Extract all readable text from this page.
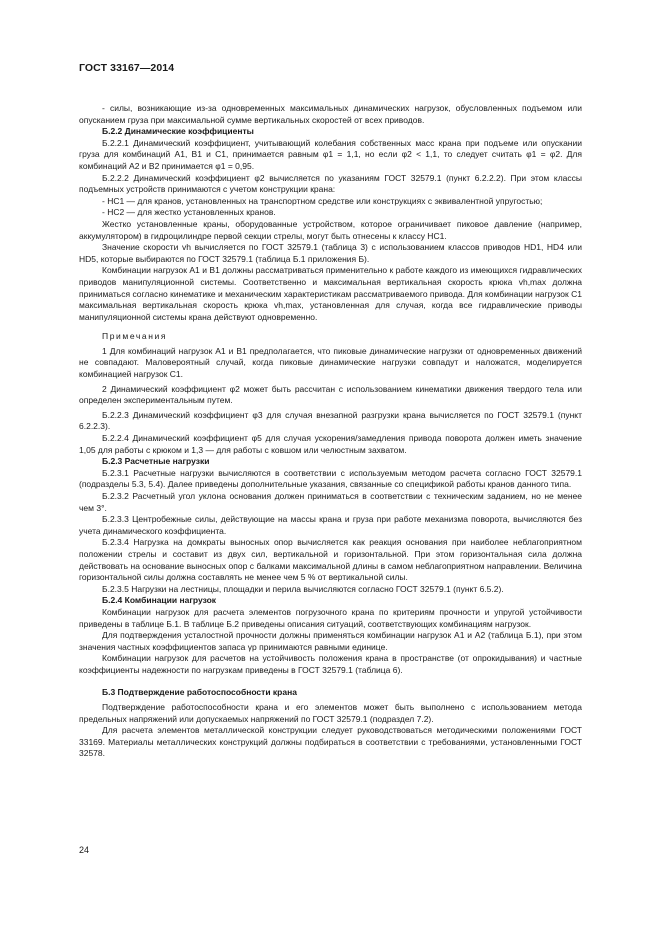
ГОСТ 33167—2014

- силы, возникающие из-за одновременных максимальных динамических нагрузок, обусловленных подъемом или опусканием груза при максимальной сумме вертикальных скоростей от всех приводов.

Б.2.2 Динамические коэффициенты

Б.2.2.1 Динамический коэффициент, учитывающий колебания собственных масс крана при подъеме или опускании груза для комбинаций А1, В1 и С1, принимается равным φ1 = 1,1, но если φ2 < 1,1, то следует считать φ1 = φ2. Для комбинаций А2 и В2 принимается φ1 = 0,95.

Б.2.2.2 Динамический коэффициент φ2 вычисляется по указаниям ГОСТ 32579.1 (пункт 6.2.2.2). При этом классы подъемных устройств принимаются с учетом конструкции крана:

- НС1 — для кранов, установленных на транспортном средстве или конструкциях с эквивалентной упругостью;

- НС2 — для жестко установленных кранов.

Жестко установленные краны, оборудованные устройством, которое ограничивает пиковое давление (например, аккумулятором) в гидроцилиндре первой секции стрелы, могут быть отнесены к классу НС1.

Значение скорости vh вычисляется по ГОСТ 32579.1 (таблица 3) с использованием классов приводов HD1, HD4 или HD5, которые выбираются по ГОСТ 32579.1 (таблица Б.1 приложения Б).

Комбинации нагрузок А1 и В1 должны рассматриваться применительно к работе каждого из имеющихся гидравлических приводов манипуляционной системы. Соответственно и максимальная вертикальная скорость крюка vh,max должна приниматься согласно кинематике и механическим характеристикам рассматриваемого привода. Для комбинации нагрузок С1 максимальная вертикальная скорость крюка vh,max, установленная для случая, когда все гидравлические приводы манипуляционной системы крана действуют одновременно.

Примечания

1 Для комбинаций нагрузок А1 и В1 предполагается, что пиковые динамические нагрузки от одновременных движений не совпадают. Маловероятный случай, когда пиковые динамические нагрузки совпадут и наложатся, моделируется комбинацией нагрузок С1.

2 Динамический коэффициент φ2 может быть рассчитан с использованием кинематики движения твердого тела или определен экспериментальным путем.

Б.2.2.3 Динамический коэффициент φ3 для случая внезапной разгрузки крана вычисляется по ГОСТ 32579.1 (пункт 6.2.2.3).

Б.2.2.4 Динамический коэффициент φ5 для случая ускорения/замедления привода поворота должен иметь значение 1,05 для работы с крюком и 1,3 — для работы с ковшом или челюстным захватом.

Б.2.3 Расчетные нагрузки

Б.2.3.1 Расчетные нагрузки вычисляются в соответствии с используемым методом расчета согласно ГОСТ 32579.1 (подразделы 5.3, 5.4). Далее приведены дополнительные указания, связанные со спецификой работы кранов данного типа.

Б.2.3.2 Расчетный угол уклона основания должен приниматься в соответствии с техническим заданием, но не менее чем 3°.

Б.2.3.3 Центробежные силы, действующие на массы крана и груза при работе механизма поворота, вычисляются без учета динамического коэффициента.

Б.2.3.4 Нагрузка на домкраты выносных опор вычисляется как реакция основания при наиболее неблагоприятном положении стрелы и составит из двух сил, вертикальной и горизонтальной. При этом горизонтальная сила должна действовать на основание выносных опор с балками максимальной длины в самом неблагоприятном направлении. Величина горизонтальной силы должна составлять не менее чем 5 % от вертикальной силы.

Б.2.3.5 Нагрузки на лестницы, площадки и перила вычисляются согласно ГОСТ 32579.1 (пункт 6.5.2).

Б.2.4 Комбинации нагрузок

Комбинации нагрузок для расчета элементов погрузочного крана по критериям прочности и упругой устойчивости приведены в таблице Б.1. В таблице Б.2 приведены описания ситуаций, соответствующих комбинациям нагрузок.

Для подтверждения усталостной прочности должны применяться комбинации нагрузок А1 и А2 (таблица Б.1), при этом значения частных коэффициентов запаса γp принимаются равными единице.

Комбинации нагрузок для расчетов на устойчивость положения крана в пространстве (от опрокидывания) и частные коэффициенты надежности по нагрузкам приведены в ГОСТ 32579.1 (таблица 6).

Б.3 Подтверждение работоспособности крана

Подтверждение работоспособности крана и его элементов может быть выполнено с использованием метода предельных напряжений или допускаемых напряжений по ГОСТ 32579.1 (подраздел 7.2).

Для расчета элементов металлической конструкции следует руководствоваться методическими положениями ГОСТ 33169. Материалы металлических конструкций должны подбираться в соответствии с требованиями, установленными ГОСТ 32578.

24
